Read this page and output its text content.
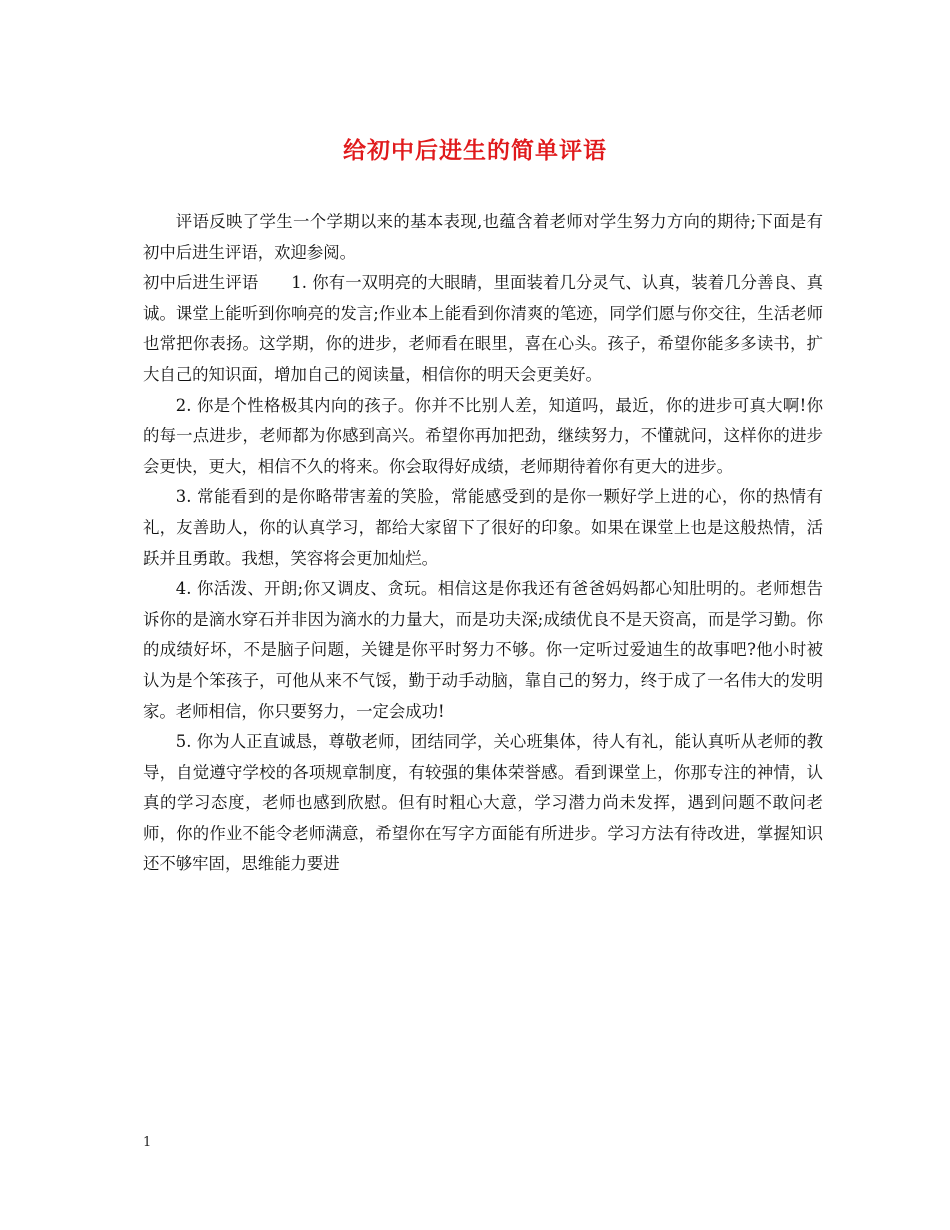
给初中后进生的简单评语

评语反映了学生一个学期以来的基本表现,也蕴含着老师对学生努力方向的期待;下面是有初中后进生评语，欢迎参阅。

初中后进生评语　　1. 你有一双明亮的大眼睛，里面装着几分灵气、认真，装着几分善良、真诚。课堂上能听到你响亮的发言;作业本上能看到你清爽的笔迹，同学们愿与你交往，生活老师也常把你表扬。这学期，你的进步，老师看在眼里，喜在心头。孩子，希望你能多多读书，扩大自己的知识面，增加自己的阅读量，相信你的明天会更美好。

2. 你是个性格极其内向的孩子。你并不比别人差，知道吗，最近，你的进步可真大啊!你的每一点进步，老师都为你感到高兴。希望你再加把劲，继续努力，不懂就问，这样你的进步会更快，更大，相信不久的将来。你会取得好成绩，老师期待着你有更大的进步。

3. 常能看到的是你略带害羞的笑脸，常能感受到的是你一颗好学上进的心，你的热情有礼，友善助人，你的认真学习，都给大家留下了很好的印象。如果在课堂上也是这般热情，活跃并且勇敢。我想，笑容将会更加灿烂。

4. 你活泼、开朗;你又调皮、贪玩。相信这是你我还有爸爸妈妈都心知肚明的。老师想告诉你的是滴水穿石并非因为滴水的力量大，而是功夫深;成绩优良不是天资高，而是学习勤。你的成绩好坏，不是脑子问题，关键是你平时努力不够。你一定听过爱迪生的故事吧?他小时被认为是个笨孩子，可他从来不气馁，勤于动手动脑，靠自己的努力，终于成了一名伟大的发明家。老师相信，你只要努力，一定会成功!

5. 你为人正直诚恳，尊敬老师，团结同学，关心班集体，待人有礼，能认真听从老师的教导，自觉遵守学校的各项规章制度，有较强的集体荣誉感。看到课堂上，你那专注的神情，认真的学习态度，老师也感到欣慰。但有时粗心大意，学习潜力尚未发挥，遇到问题不敢问老师，你的作业不能令老师满意，希望你在写字方面能有所进步。学习方法有待改进，掌握知识还不够牢固，思维能力要进

1
